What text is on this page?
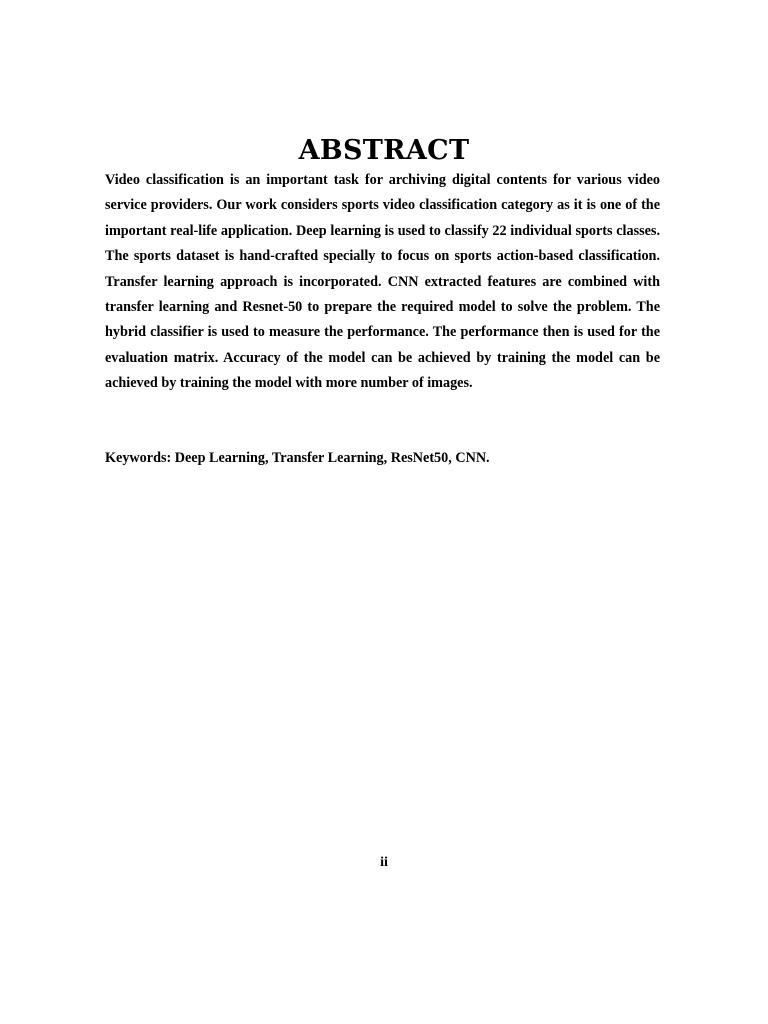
ABSTRACT

Video classification is an important task for archiving digital contents for various video service providers. Our work considers sports video classification category as it is one of the important real-life application. Deep learning is used to classify 22 individual sports classes. The sports dataset is hand-crafted specially to focus on sports action-based classification. Transfer learning approach is incorporated. CNN extracted features are combined with transfer learning and Resnet-50 to prepare the required model to solve the problem. The hybrid classifier is used to measure the performance. The performance then is used for the evaluation matrix. Accuracy of the model can be achieved by training the model can be achieved by training the model with more number of images.

Keywords: Deep Learning, Transfer Learning, ResNet50, CNN.

ii
